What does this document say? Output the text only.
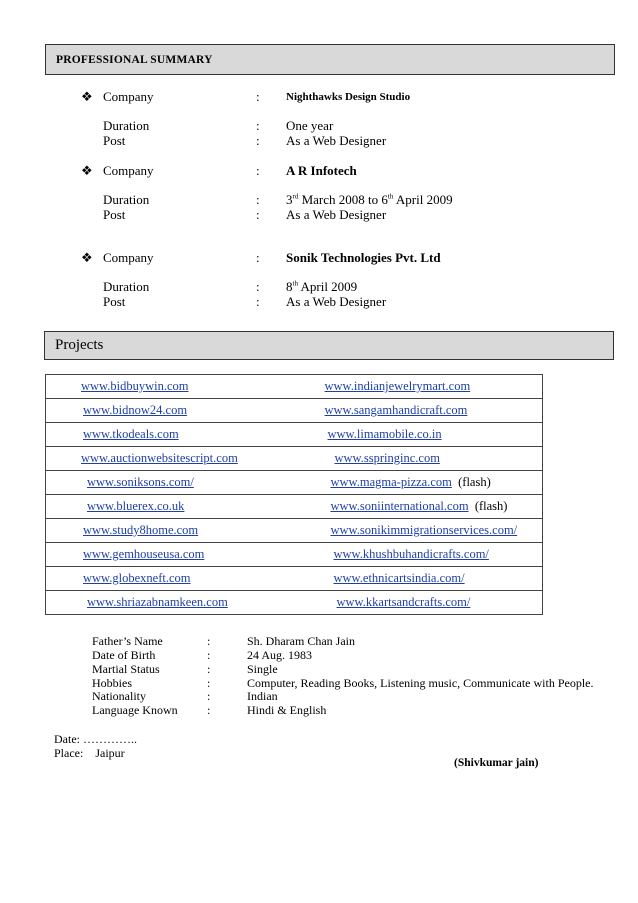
PROFESSIONAL SUMMARY
❖ Company	: Nighthawks Design Studio
Duration	: One year
Post	: As a Web Designer
❖ Company	: A R Infotech
Duration	: 3rd March 2008 to 6th April 2009
Post	: As a Web Designer
❖ Company	: Sonik Technologies Pvt. Ltd
Duration	: 8th April 2009
Post	: As a Web Designer
Projects
www.bidbuywin.com	www.indianjewelrymart.com
www.bidnow24.com	www.sangamhandicraft.com
www.tkodeals.com	www.limamobile.co.in
www.auctionwebsitescript.com	www.sspringinc.com
www.soniksons.com/	www.magma-pizza.com (flash)
www.bluerex.co.uk	www.soniinternational.com (flash)
www.study8home.com	www.sonikimmigrationservices.com/
www.gemhouseusa.com	www.khushbuhandicrafts.com/
www.globexneft.com	www.ethnicartsindia.com/
www.shriazabnamkeen.com	www.kkartsandcrafts.com/
Father’s Name	:	Sh. Dharam Chan Jain
Date of Birth	:	24 Aug. 1983
Martial Status	:	Single
Hobbies	:	Computer, Reading Books, Listening music, Communicate with People.
Nationality	:	Indian
Language Known :	Hindi & English
Date: …………..
Place: Jaipur
(Shivkumar jain)
